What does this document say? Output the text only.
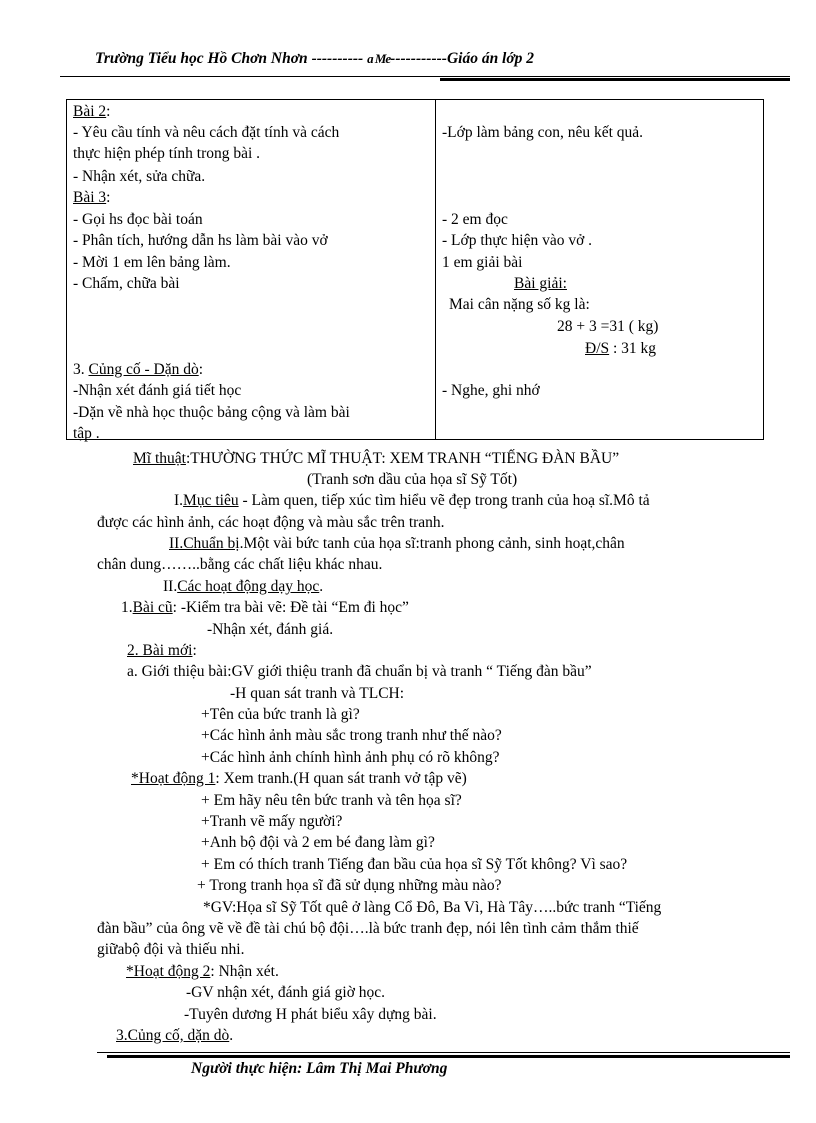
Trường Tiểu học Hồ Chơn Nhơn ---------- a Me-----------Giáo án lớp 2
Bài 2:
- Yêu cầu tính và nêu cách đặt tính và cách
thực hiện phép tính trong bài .
- Nhận xét, sửa chữa.
Bài 3:
- Gọi hs đọc bài toán
- Phân tích, hướng dẫn hs làm bài vào vở
- Mời 1 em lên bảng làm.
- Chấm, chữa bài
3. Củng cố - Dặn dò:
-Nhận xét đánh giá tiết học
-Dặn về nhà học thuộc bảng cộng và làm bài
tập .
-Lớp làm bảng con, nêu kết quả.
- 2 em đọc
- Lớp thực hiện vào vở .
1 em giải bài
Bài giải:
Mai cân nặng số kg là:
28 + 3 =31 ( kg)
Đ/S : 31 kg
- Nghe, ghi nhớ
Mĩ thuật:THƯỜNG THỨC MĨ THUẬT: XEM TRANH “TIẾNG ĐÀN BẦU”
(Tranh sơn dầu của họa sĩ Sỹ Tốt)
I.Mục tiêu - Làm quen, tiếp xúc tìm hiểu vẽ đẹp trong tranh của hoạ sĩ.Mô tả
được các hình ảnh, các hoạt động và màu sắc trên tranh.
II.Chuẩn bị.Một vài bức tanh của họa sĩ:tranh phong cảnh, sinh hoạt,chân
chân dung……..bằng các chất liệu khác nhau.
II.Các hoạt động dạy học.
1.Bài cũ: -Kiểm tra bài vẽ: Đề tài “Em đi học”
-Nhận xét, đánh giá.
2. Bài mới:
a. Giới thiệu bài:GV giới thiệu tranh đã chuẩn bị và tranh “ Tiếng đàn bầu”
-H quan sát tranh và TLCH:
+Tên của bức tranh là gì?
+Các hình ảnh màu sắc trong tranh như thế nào?
+Các hình ảnh chính hình ảnh phụ có rõ không?
*Hoạt động 1: Xem tranh.(H quan sát tranh vở tập vẽ)
+ Em hãy nêu tên bức tranh và tên họa sĩ?
+Tranh vẽ mấy người?
+Anh bộ đội và 2 em bé đang làm gì?
+ Em có thích tranh Tiếng đan bầu của họa sĩ Sỹ Tốt không? Vì sao?
+ Trong tranh họa sĩ đã sử dụng những màu nào?
*GV:Họa sĩ Sỹ Tốt quê ở làng Cổ Đô, Ba Vì, Hà Tây…..bức tranh “Tiếng
đàn bầu” của ông vẽ về đề tài chú bộ đội….là bức tranh đẹp, nói lên tình cảm thắm thiế
giữabộ đội và thiếu nhi.
*Hoạt động 2: Nhận xét.
-GV nhận xét, đánh giá giờ học.
-Tuyên dương H phát biểu xây dựng bài.
3.Củng cố, dặn dò.
Người thực hiện: Lâm Thị Mai Phương
